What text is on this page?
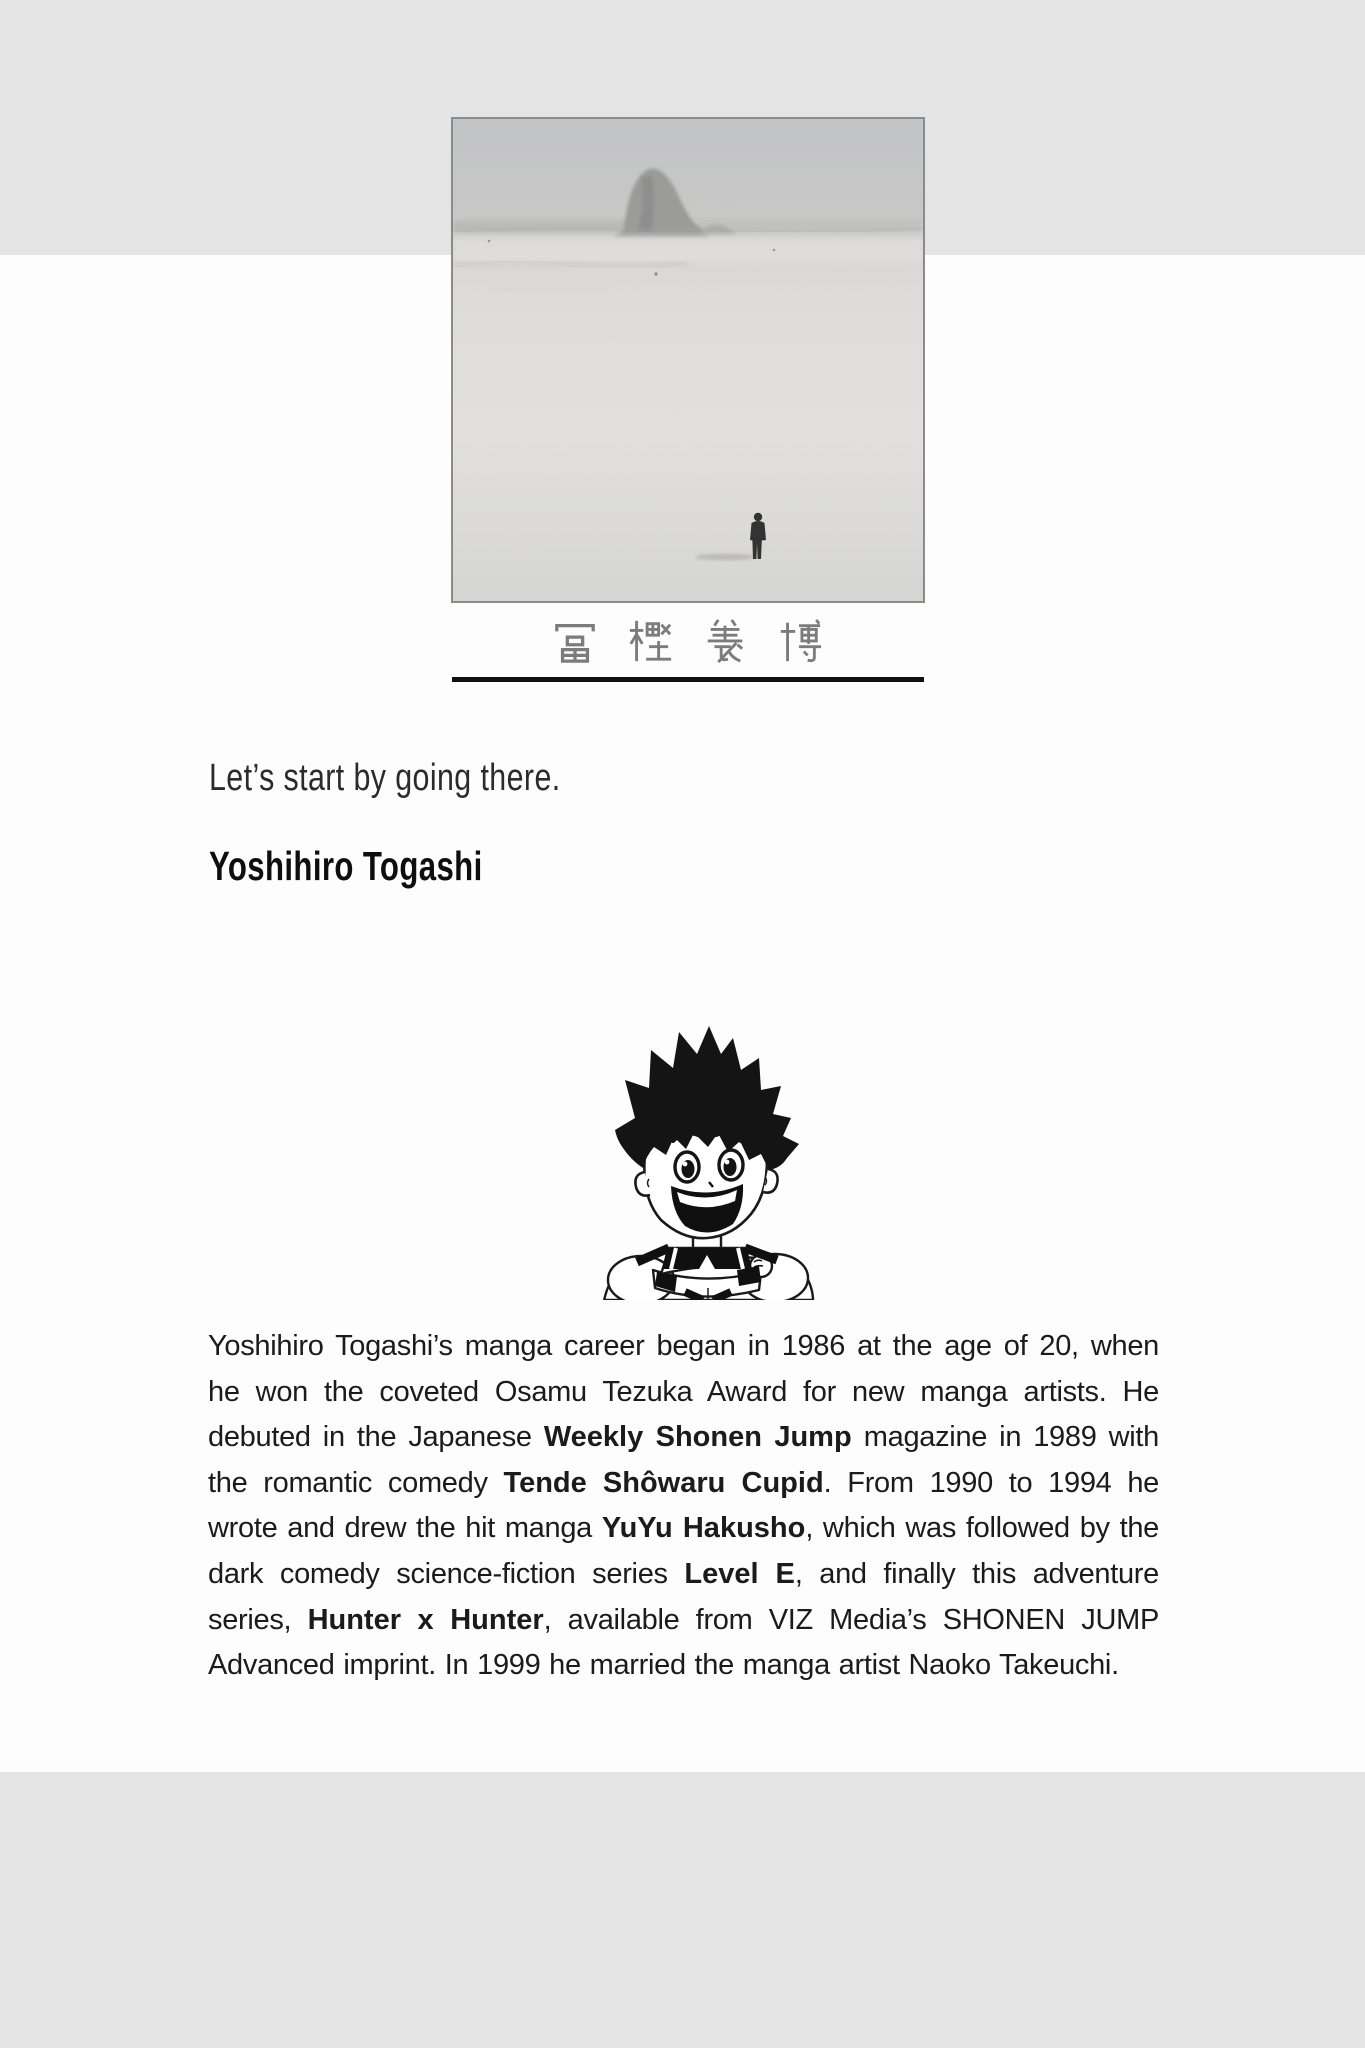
Let’s start by going there.

Yoshihiro Togashi

Yoshihiro Togashi’s manga career began in 1986 at the age of 20, when he won the coveted Osamu Tezuka Award for new manga artists. He debuted in the Japanese Weekly Shonen Jump magazine in 1989 with the romantic comedy Tende Shôwaru Cupid. From 1990 to 1994 he wrote and drew the hit manga YuYu Hakusho, which was followed by the dark comedy science-fiction series Level E, and finally this adventure series, Hunter x Hunter, available from VIZ Media’s SHONEN JUMP Advanced imprint. In 1999 he married the manga artist Naoko Takeuchi.
